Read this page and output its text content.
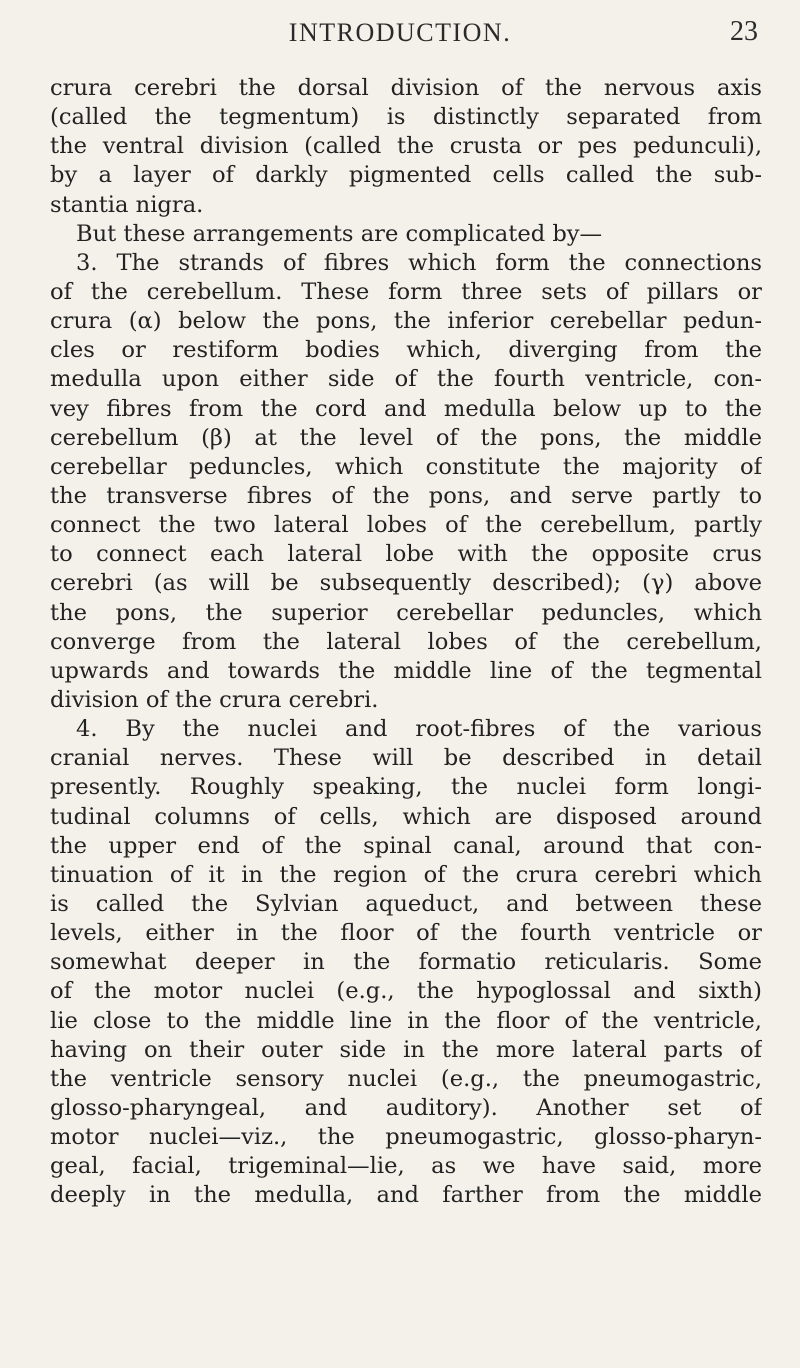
INTRODUCTION.	23
crura cerebri the dorsal division of the nervous axis
(called the tegmentum) is distinctly separated from
the ventral division (called the crusta or pes pedunculi),
by a layer of darkly pigmented cells called the sub-
stantia nigra.
But these arrangements are complicated by—
3. The strands of fibres which form the connections
of the cerebellum. These form three sets of pillars or
crura (α) below the pons, the inferior cerebellar pedun-
cles or restiform bodies which, diverging from the
medulla upon either side of the fourth ventricle, con-
vey fibres from the cord and medulla below up to the
cerebellum (β) at the level of the pons, the middle
cerebellar peduncles, which constitute the majority of
the transverse fibres of the pons, and serve partly to
connect the two lateral lobes of the cerebellum, partly
to connect each lateral lobe with the opposite crus
cerebri (as will be subsequently described); (γ) above
the pons, the superior cerebellar peduncles, which
converge from the lateral lobes of the cerebellum,
upwards and towards the middle line of the tegmental
division of the crura cerebri.
4. By the nuclei and root-fibres of the various
cranial nerves. These will be described in detail
presently. Roughly speaking, the nuclei form longi-
tudinal columns of cells, which are disposed around
the upper end of the spinal canal, around that con-
tinuation of it in the region of the crura cerebri which
is called the Sylvian aqueduct, and between these
levels, either in the floor of the fourth ventricle or
somewhat deeper in the formatio reticularis. Some
of the motor nuclei (e.g., the hypoglossal and sixth)
lie close to the middle line in the floor of the ventricle,
having on their outer side in the more lateral parts of
the ventricle sensory nuclei (e.g., the pneumogastric,
glosso-pharyngeal, and auditory). Another set of
motor nuclei—viz., the pneumogastric, glosso-pharyn-
geal, facial, trigeminal—lie, as we have said, more
deeply in the medulla, and farther from the middle
